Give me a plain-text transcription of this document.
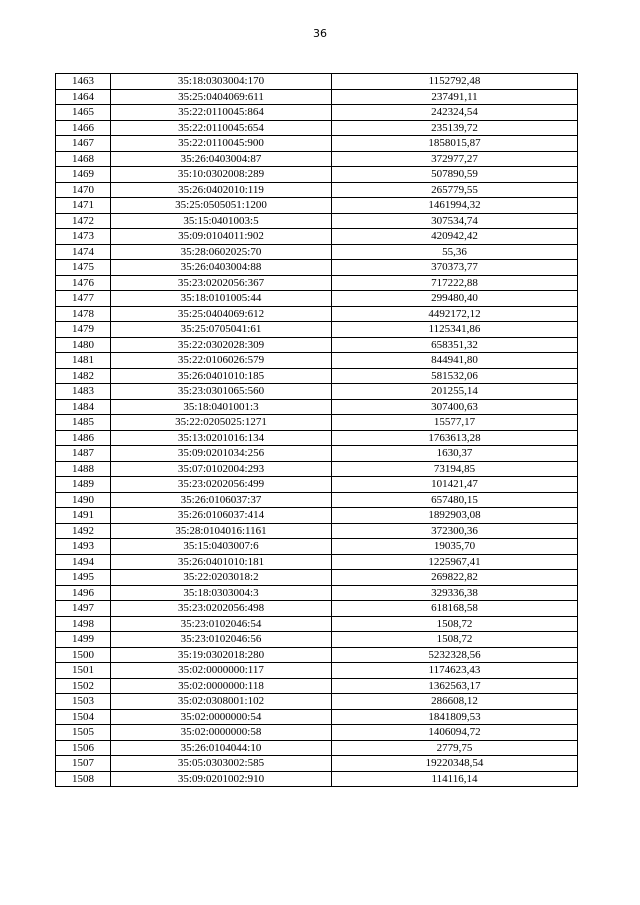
36
1463	35:18:0303004:170	1152792,48
1464	35:25:0404069:611	237491,11
1465	35:22:0110045:864	242324,54
1466	35:22:0110045:654	235139,72
1467	35:22:0110045:900	1858015,87
1468	35:26:0403004:87	372977,27
1469	35:10:0302008:289	507890,59
1470	35:26:0402010:119	265779,55
1471	35:25:0505051:1200	1461994,32
1472	35:15:0401003:5	307534,74
1473	35:09:0104011:902	420942,42
1474	35:28:0602025:70	55,36
1475	35:26:0403004:88	370373,77
1476	35:23:0202056:367	717222,88
1477	35:18:0101005:44	299480,40
1478	35:25:0404069:612	4492172,12
1479	35:25:0705041:61	1125341,86
1480	35:22:0302028:309	658351,32
1481	35:22:0106026:579	844941,80
1482	35:26:0401010:185	581532,06
1483	35:23:0301065:560	201255,14
1484	35:18:0401001:3	307400,63
1485	35:22:0205025:1271	15577,17
1486	35:13:0201016:134	1763613,28
1487	35:09:0201034:256	1630,37
1488	35:07:0102004:293	73194,85
1489	35:23:0202056:499	101421,47
1490	35:26:0106037:37	657480,15
1491	35:26:0106037:414	1892903,08
1492	35:28:0104016:1161	372300,36
1493	35:15:0403007:6	19035,70
1494	35:26:0401010:181	1225967,41
1495	35:22:0203018:2	269822,82
1496	35:18:0303004:3	329336,38
1497	35:23:0202056:498	618168,58
1498	35:23:0102046:54	1508,72
1499	35:23:0102046:56	1508,72
1500	35:19:0302018:280	5232328,56
1501	35:02:0000000:117	1174623,43
1502	35:02:0000000:118	1362563,17
1503	35:02:0308001:102	286608,12
1504	35:02:0000000:54	1841809,53
1505	35:02:0000000:58	1406094,72
1506	35:26:0104044:10	2779,75
1507	35:05:0303002:585	19220348,54
1508	35:09:0201002:910	114116,14
